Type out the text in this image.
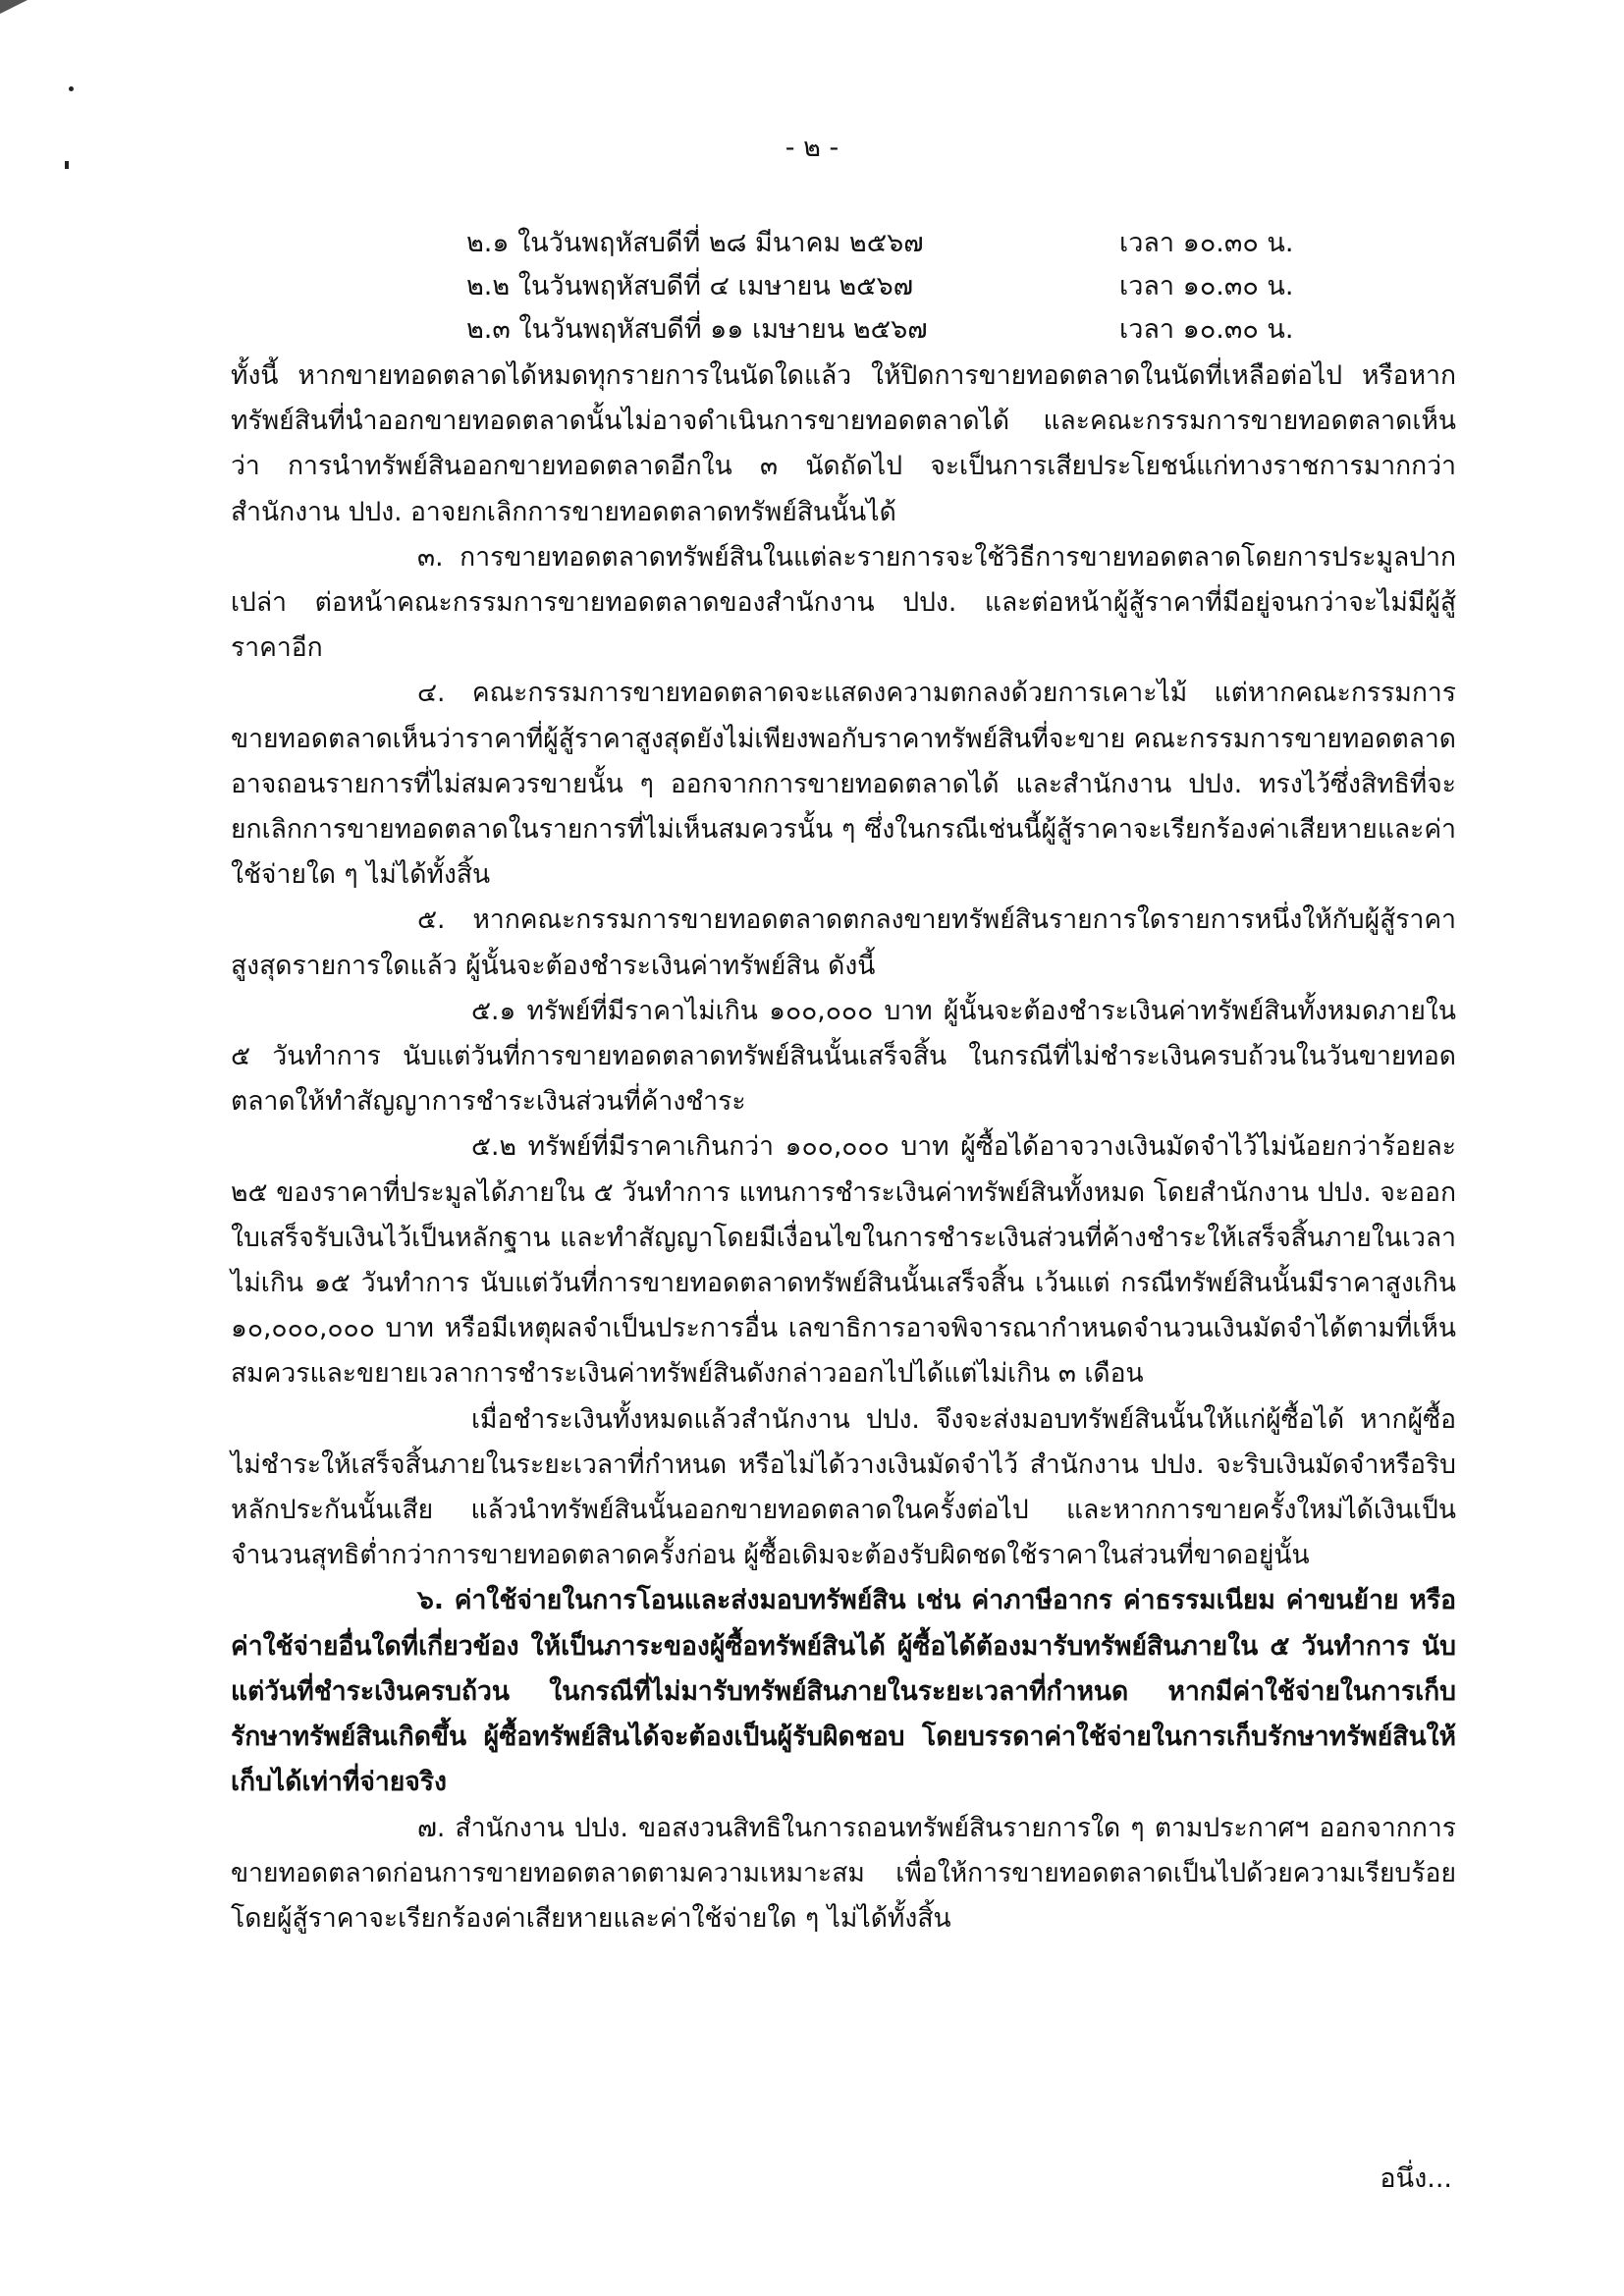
- ๒ -
๒.๑ ในวันพฤหัสบดีที่ ๒๘ มีนาคม ๒๕๖๗	เวลา ๑๐.๓๐ น.
๒.๒ ในวันพฤหัสบดีที่ ๔ เมษายน ๒๕๖๗	เวลา ๑๐.๓๐ น.
๒.๓ ในวันพฤหัสบดีที่ ๑๑ เมษายน ๒๕๖๗	เวลา ๑๐.๓๐ น.

ทั้งนี้ หากขายทอดตลาดได้หมดทุกรายการในนัดใดแล้ว ให้ปิดการขายทอดตลาดในนัดที่เหลือต่อไป หรือหากทรัพย์สินที่นำออกขายทอดตลาดนั้นไม่อาจดำเนินการขายทอดตลาดได้ และคณะกรรมการขายทอดตลาดเห็นว่า การนำทรัพย์สินออกขายทอดตลาดอีกใน ๓ นัดถัดไป จะเป็นการเสียประโยชน์แก่ทางราชการมากกว่า สำนักงาน ปปง. อาจยกเลิกการขายทอดตลาดทรัพย์สินนั้นได้

๓. การขายทอดตลาดทรัพย์สินในแต่ละรายการจะใช้วิธีการขายทอดตลาดโดยการประมูลปากเปล่า ต่อหน้าคณะกรรมการขายทอดตลาดของสำนักงาน ปปง. และต่อหน้าผู้สู้ราคาที่มีอยู่จนกว่าจะไม่มีผู้สู้ราคาอีก

๔. คณะกรรมการขายทอดตลาดจะแสดงความตกลงด้วยการเคาะไม้ แต่หากคณะกรรมการขายทอดตลาดเห็นว่าราคาที่ผู้สู้ราคาสูงสุดยังไม่เพียงพอกับราคาทรัพย์สินที่จะขาย คณะกรรมการขายทอดตลาดอาจถอนรายการที่ไม่สมควรขายนั้น ๆ ออกจากการขายทอดตลาดได้ และสำนักงาน ปปง. ทรงไว้ซึ่งสิทธิที่จะยกเลิกการขายทอดตลาดในรายการที่ไม่เห็นสมควรนั้น ๆ ซึ่งในกรณีเช่นนี้ผู้สู้ราคาจะเรียกร้องค่าเสียหายและค่าใช้จ่ายใด ๆ ไม่ได้ทั้งสิ้น

๕. หากคณะกรรมการขายทอดตลาดตกลงขายทรัพย์สินรายการใดรายการหนึ่งให้กับผู้สู้ราคาสูงสุดรายการใดแล้ว ผู้นั้นจะต้องชำระเงินค่าทรัพย์สิน ดังนี้

๕.๑ ทรัพย์ที่มีราคาไม่เกิน ๑๐๐,๐๐๐ บาท ผู้นั้นจะต้องชำระเงินค่าทรัพย์สินทั้งหมดภายใน ๕ วันทำการ นับแต่วันที่การขายทอดตลาดทรัพย์สินนั้นเสร็จสิ้น ในกรณีที่ไม่ชำระเงินครบถ้วนในวันขายทอดตลาดให้ทำสัญญาการชำระเงินส่วนที่ค้างชำระ

๕.๒ ทรัพย์ที่มีราคาเกินกว่า ๑๐๐,๐๐๐ บาท ผู้ซื้อได้อาจวางเงินมัดจำไว้ไม่น้อยกว่าร้อยละ ๒๕ ของราคาที่ประมูลได้ภายใน ๕ วันทำการ แทนการชำระเงินค่าทรัพย์สินทั้งหมด โดยสำนักงาน ปปง. จะออกใบเสร็จรับเงินไว้เป็นหลักฐาน และทำสัญญาโดยมีเงื่อนไขในการชำระเงินส่วนที่ค้างชำระให้เสร็จสิ้นภายในเวลาไม่เกิน ๑๕ วันทำการ นับแต่วันที่การขายทอดตลาดทรัพย์สินนั้นเสร็จสิ้น เว้นแต่ กรณีทรัพย์สินนั้นมีราคาสูงเกิน ๑๐,๐๐๐,๐๐๐ บาท หรือมีเหตุผลจำเป็นประการอื่น เลขาธิการอาจพิจารณากำหนดจำนวนเงินมัดจำได้ตามที่เห็นสมควรและขยายเวลาการชำระเงินค่าทรัพย์สินดังกล่าวออกไปได้แต่ไม่เกิน ๓ เดือน

เมื่อชำระเงินทั้งหมดแล้วสำนักงาน ปปง. จึงจะส่งมอบทรัพย์สินนั้นให้แก่ผู้ซื้อได้ หากผู้ซื้อไม่ชำระให้เสร็จสิ้นภายในระยะเวลาที่กำหนด หรือไม่ได้วางเงินมัดจำไว้ สำนักงาน ปปง. จะริบเงินมัดจำหรือริบหลักประกันนั้นเสีย แล้วนำทรัพย์สินนั้นออกขายทอดตลาดในครั้งต่อไป และหากการขายครั้งใหม่ได้เงินเป็นจำนวนสุทธิต่ำกว่าการขายทอดตลาดครั้งก่อน ผู้ซื้อเดิมจะต้องรับผิดชดใช้ราคาในส่วนที่ขาดอยู่นั้น

๖. ค่าใช้จ่ายในการโอนและส่งมอบทรัพย์สิน เช่น ค่าภาษีอากร ค่าธรรมเนียม ค่าขนย้าย หรือค่าใช้จ่ายอื่นใดที่เกี่ยวข้อง ให้เป็นภาระของผู้ซื้อทรัพย์สินได้ ผู้ซื้อได้ต้องมารับทรัพย์สินภายใน ๕ วันทำการ นับแต่วันที่ชำระเงินครบถ้วน ในกรณีที่ไม่มารับทรัพย์สินภายในระยะเวลาที่กำหนด หากมีค่าใช้จ่ายในการเก็บรักษาทรัพย์สินเกิดขึ้น ผู้ซื้อทรัพย์สินได้จะต้องเป็นผู้รับผิดชอบ โดยบรรดาค่าใช้จ่ายในการเก็บรักษาทรัพย์สินให้เก็บได้เท่าที่จ่ายจริง

๗. สำนักงาน ปปง. ขอสงวนสิทธิในการถอนทรัพย์สินรายการใด ๆ ตามประกาศฯ ออกจากการขายทอดตลาดก่อนการขายทอดตลาดตามความเหมาะสม เพื่อให้การขายทอดตลาดเป็นไปด้วยความเรียบร้อย โดยผู้สู้ราคาจะเรียกร้องค่าเสียหายและค่าใช้จ่ายใด ๆ ไม่ได้ทั้งสิ้น

อนึ่ง...
